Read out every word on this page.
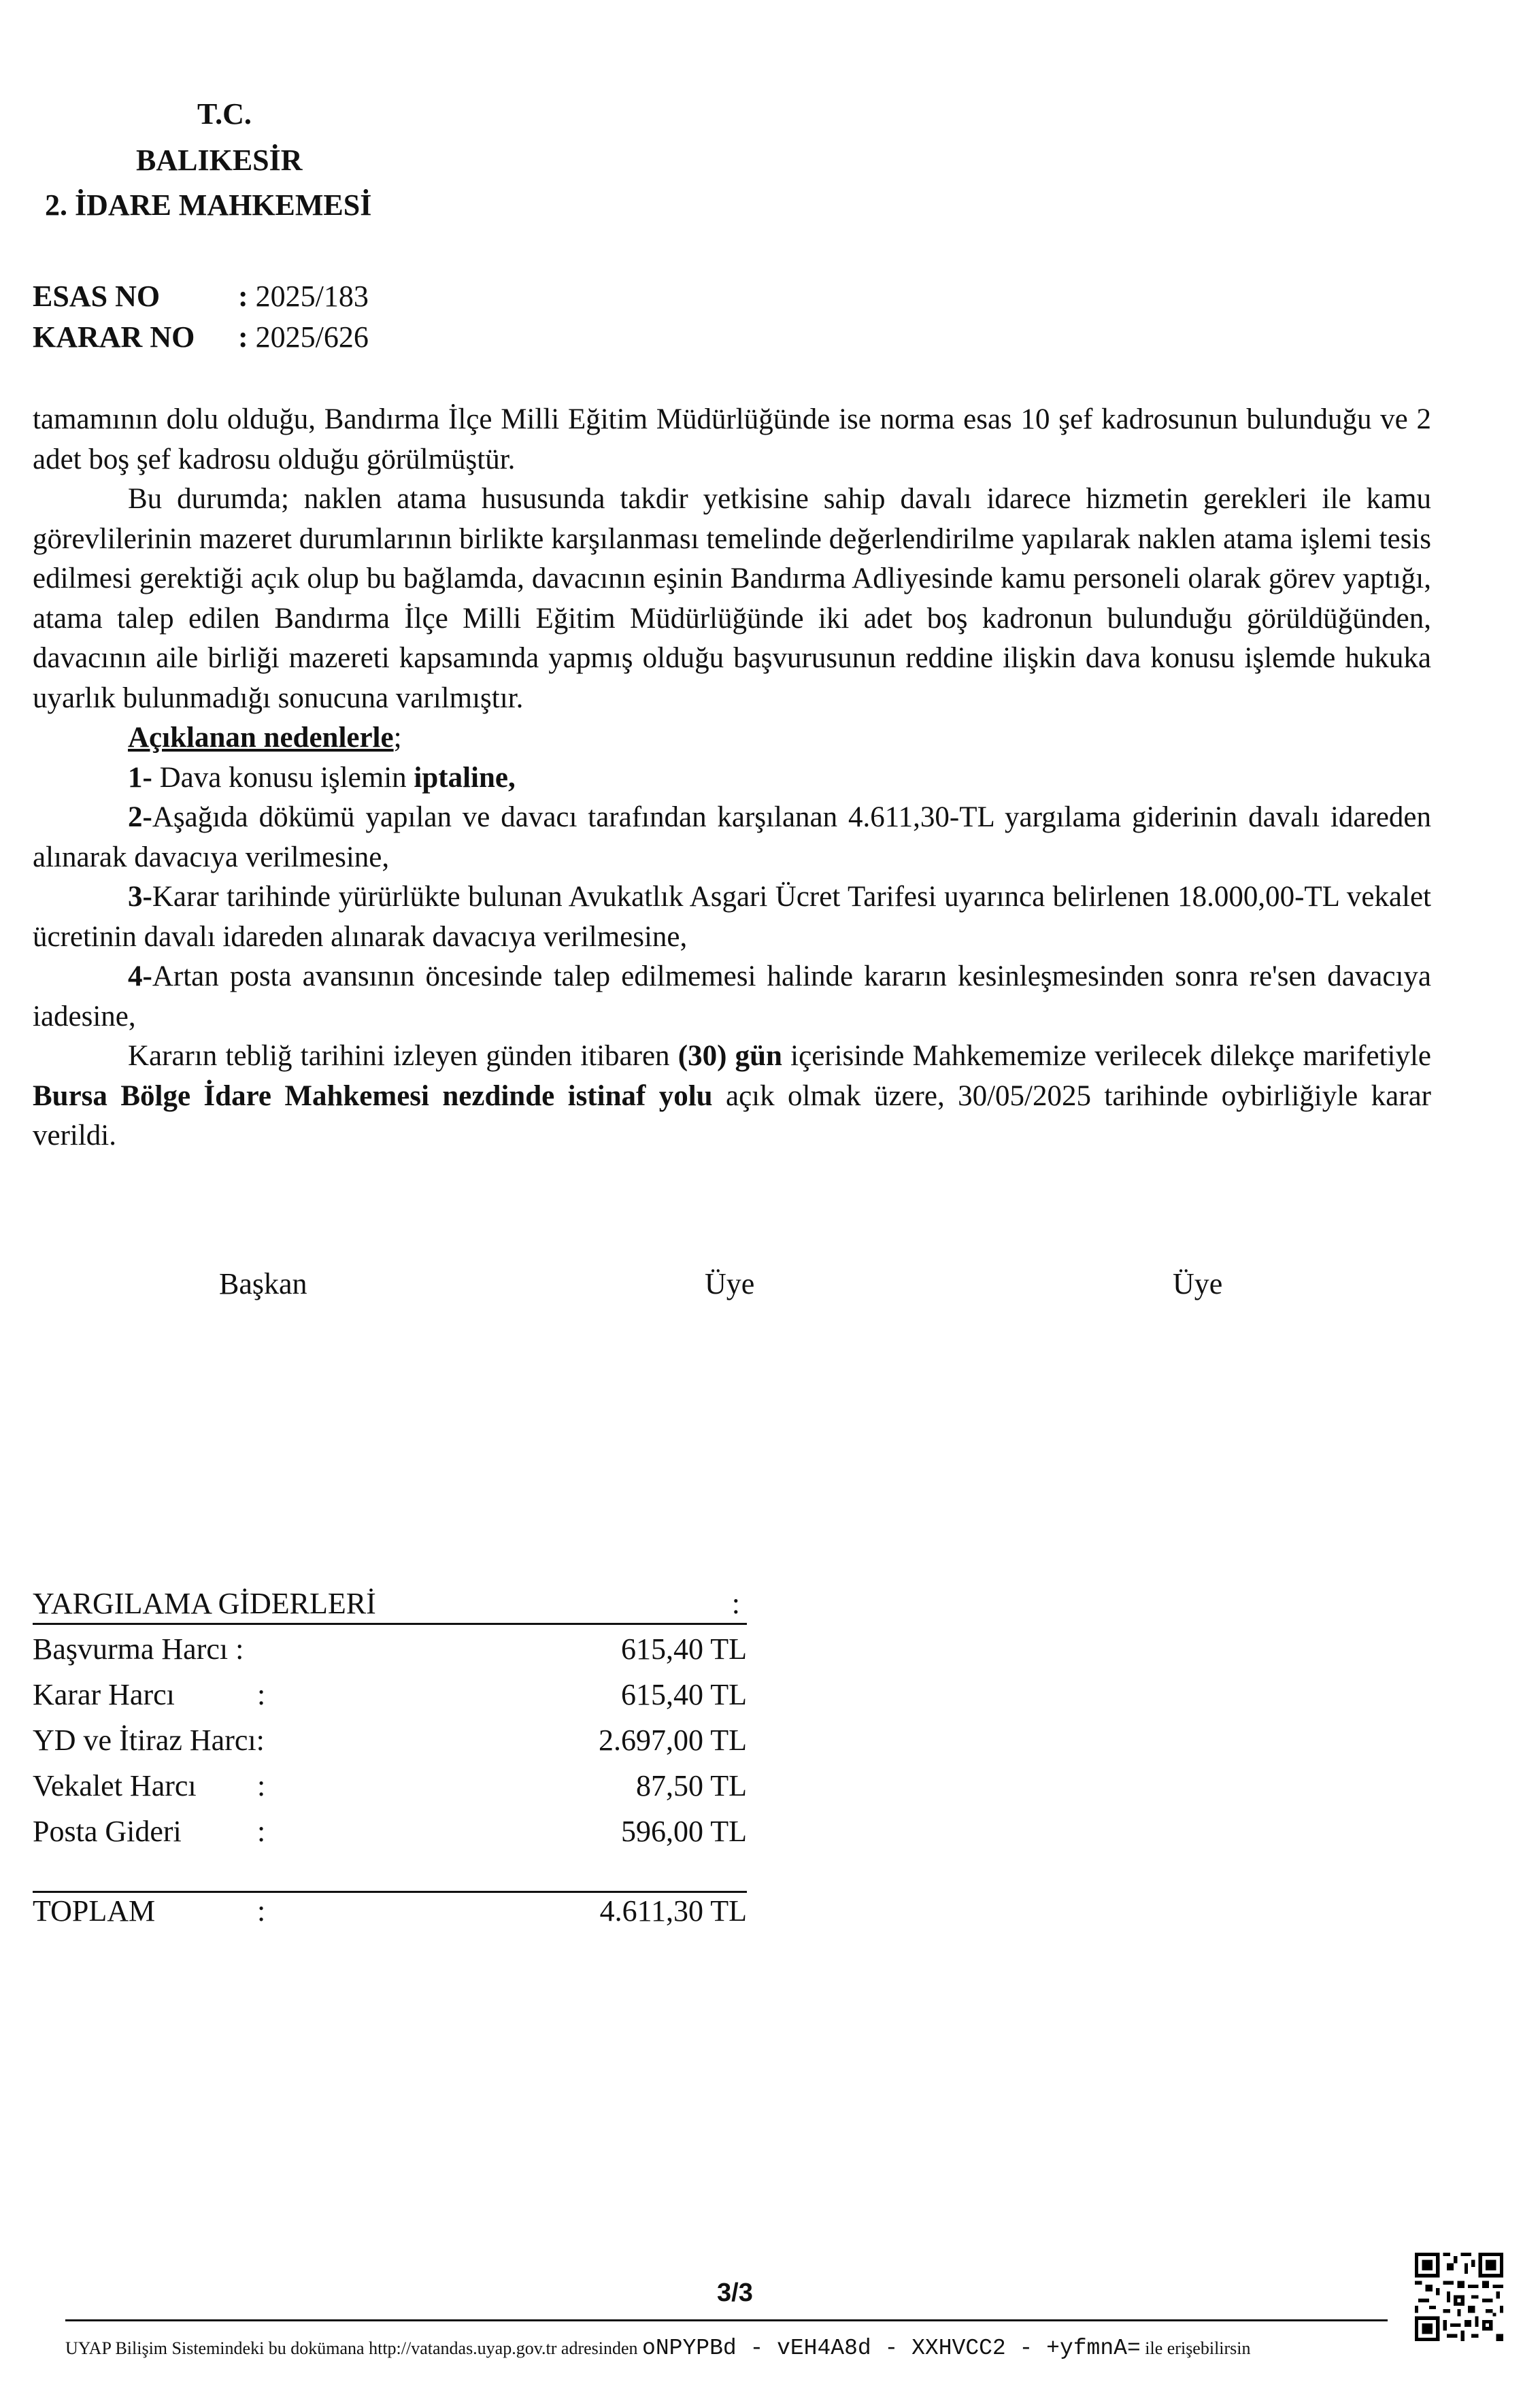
T.C.
BALIKESİR
2. İDARE MAHKEMESİ
ESAS NO	: 2025/183
KARAR NO : 2025/626

tamamının dolu olduğu, Bandırma İlçe Milli Eğitim Müdürlüğünde ise norma esas 10 şef kadrosunun bulunduğu ve 2 adet boş şef kadrosu olduğu görülmüştür.

Bu durumda; naklen atama hususunda takdir yetkisine sahip davalı idarece hizmetin gerekleri ile kamu görevlilerinin mazeret durumlarının birlikte karşılanması temelinde değerlendirilme yapılarak naklen atama işlemi tesis edilmesi gerektiği açık olup bu bağlamda, davacının eşinin Bandırma Adliyesinde kamu personeli olarak görev yaptığı, atama talep edilen Bandırma İlçe Milli Eğitim Müdürlüğünde iki adet boş kadronun bulunduğu görüldüğünden, davacının aile birliği mazereti kapsamında yapmış olduğu başvurusunun reddine ilişkin dava konusu işlemde hukuka uyarlık bulunmadığı sonucuna varılmıştır.

Açıklanan nedenlerle;

1- Dava konusu işlemin iptaline,

2-Aşağıda dökümü yapılan ve davacı tarafından karşılanan 4.611,30-TL yargılama giderinin davalı idareden alınarak davacıya verilmesine,

3-Karar tarihinde yürürlükte bulunan Avukatlık Asgari Ücret Tarifesi uyarınca belirlenen 18.000,00-TL vekalet ücretinin davalı idareden alınarak davacıya verilmesine,

4-Artan posta avansının öncesinde talep edilmemesi halinde kararın kesinleşmesinden sonra re'sen davacıya iadesine,

Kararın tebliğ tarihini izleyen günden itibaren (30) gün içerisinde Mahkememize verilecek dilekçe marifetiyle Bursa Bölge İdare Mahkemesi nezdinde istinaf yolu açık olmak üzere, 30/05/2025 tarihinde oybirliğiyle karar verildi.

Başkan	Üye	Üye
YARGILAMA GİDERLERİ	:
Başvurma Harcı :	615,40 TL
Karar Harcı	:	615,40 TL
YD ve İtiraz Harcı:	2.697,00 TL
Vekalet Harcı :	87,50 TL
Posta Gideri	:	596,00 TL
TOPLAM	:	4.611,30 TL
3/3
UYAP Bilişim Sistemindeki bu dokümana http://vatandas.uyap.gov.tr adresinden oNPYPBd - vEH4A8d - XXHVCC2 - +yfmnA= ile erişebilirsin
